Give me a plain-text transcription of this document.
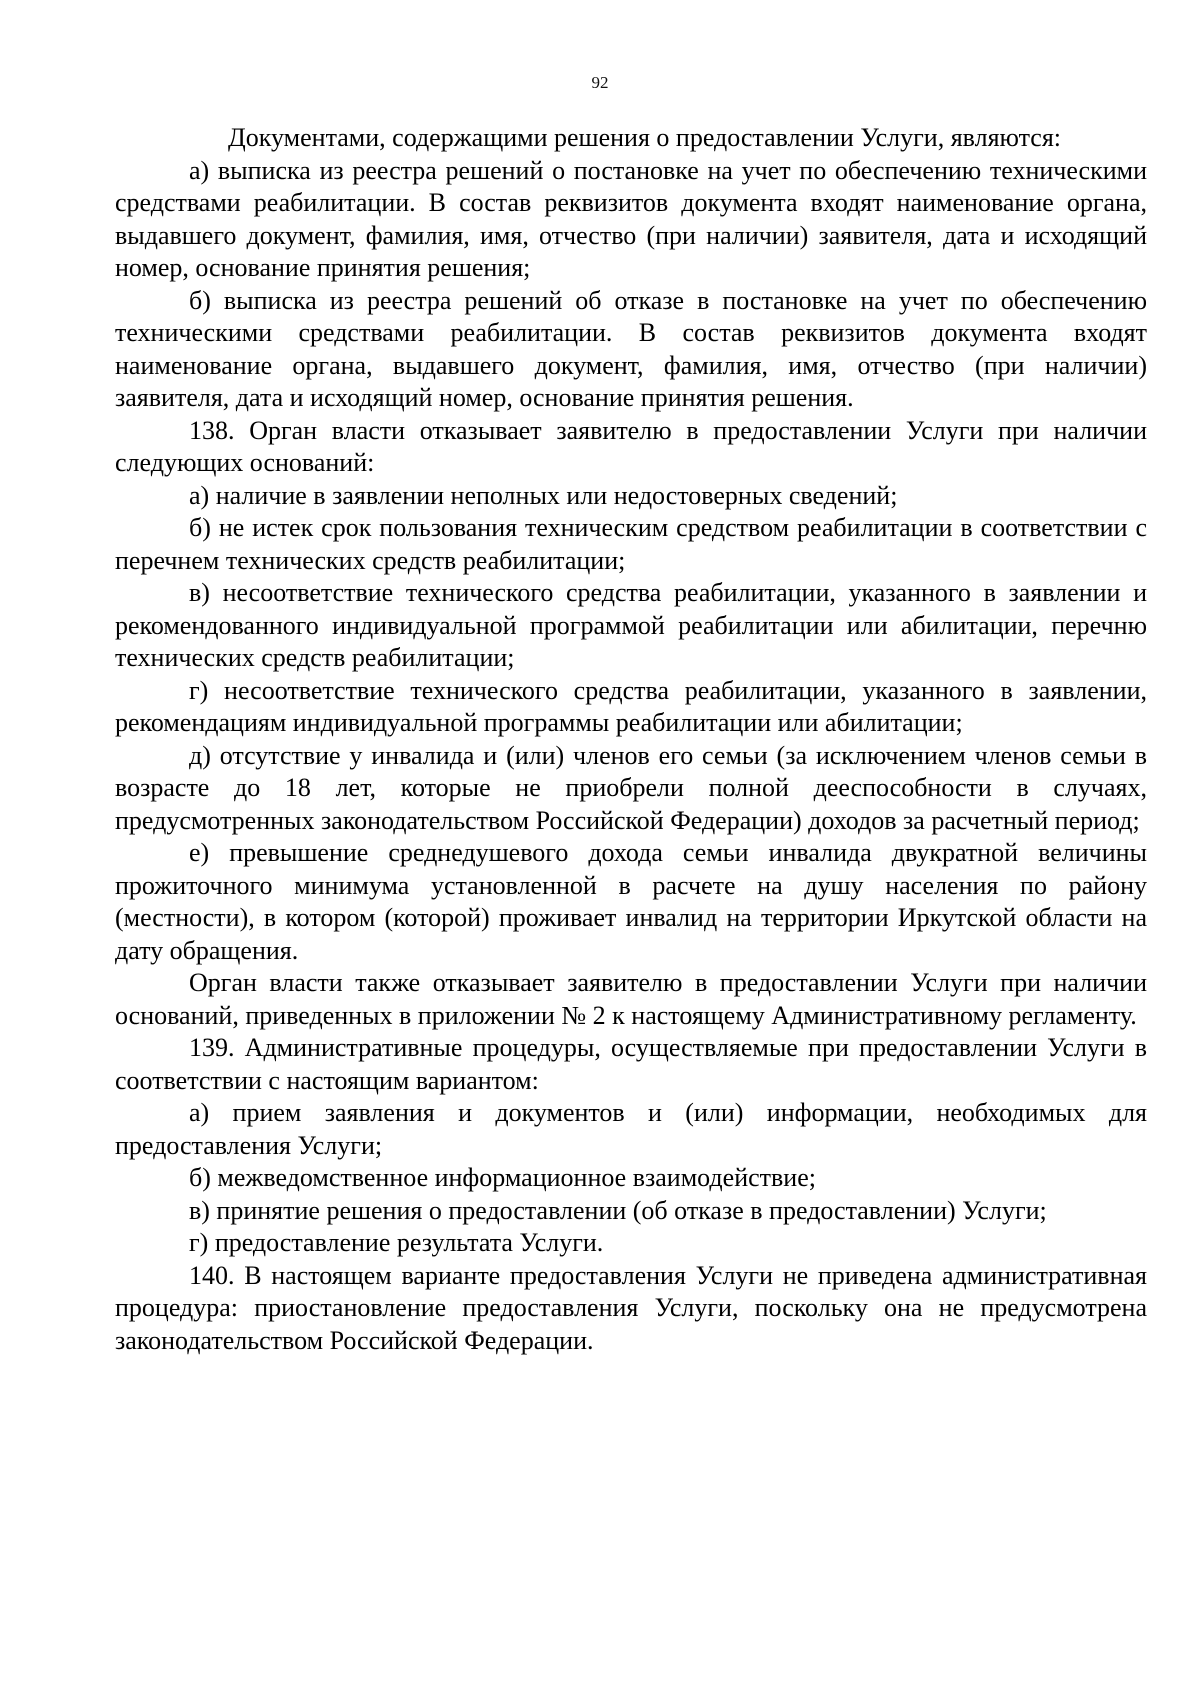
92

Документами, содержащими решения о предоставлении Услуги, являются:

а) выписка из реестра решений о постановке на учет по обеспечению техническими средствами реабилитации. В состав реквизитов документа входят наименование органа, выдавшего документ, фамилия, имя, отчество (при наличии) заявителя, дата и исходящий номер, основание принятия решения;

б) выписка из реестра решений об отказе в постановке на учет по обеспечению техническими средствами реабилитации. В состав реквизитов документа входят наименование органа, выдавшего документ, фамилия, имя, отчество (при наличии) заявителя, дата и исходящий номер, основание принятия решения.

138. Орган власти отказывает заявителю в предоставлении Услуги при наличии следующих оснований:

а) наличие в заявлении неполных или недостоверных сведений;

б) не истек срок пользования техническим средством реабилитации в соответствии с перечнем технических средств реабилитации;

в) несоответствие технического средства реабилитации, указанного в заявлении и рекомендованного индивидуальной программой реабилитации или абилитации, перечню технических средств реабилитации;

г) несоответствие технического средства реабилитации, указанного в заявлении, рекомендациям индивидуальной программы реабилитации или абилитации;

д) отсутствие у инвалида и (или) членов его семьи (за исключением членов семьи в возрасте до 18 лет, которые не приобрели полной дееспособности в случаях, предусмотренных законодательством Российской Федерации) доходов за расчетный период;

е) превышение среднедушевого дохода семьи инвалида двукратной величины прожиточного минимума установленной в расчете на душу населения по району (местности), в котором (которой) проживает инвалид на территории Иркутской области на дату обращения.

Орган власти также отказывает заявителю в предоставлении Услуги при наличии оснований, приведенных в приложении № 2 к настоящему Административному регламенту.

139. Административные процедуры, осуществляемые при предоставлении Услуги в соответствии с настоящим вариантом:

а) прием заявления и документов и (или) информации, необходимых для предоставления Услуги;

б) межведомственное информационное взаимодействие;

в) принятие решения о предоставлении (об отказе в предоставлении) Услуги;

г) предоставление результата Услуги.

140. В настоящем варианте предоставления Услуги не приведена административная процедура: приостановление предоставления Услуги, поскольку она не предусмотрена законодательством Российской Федерации.
